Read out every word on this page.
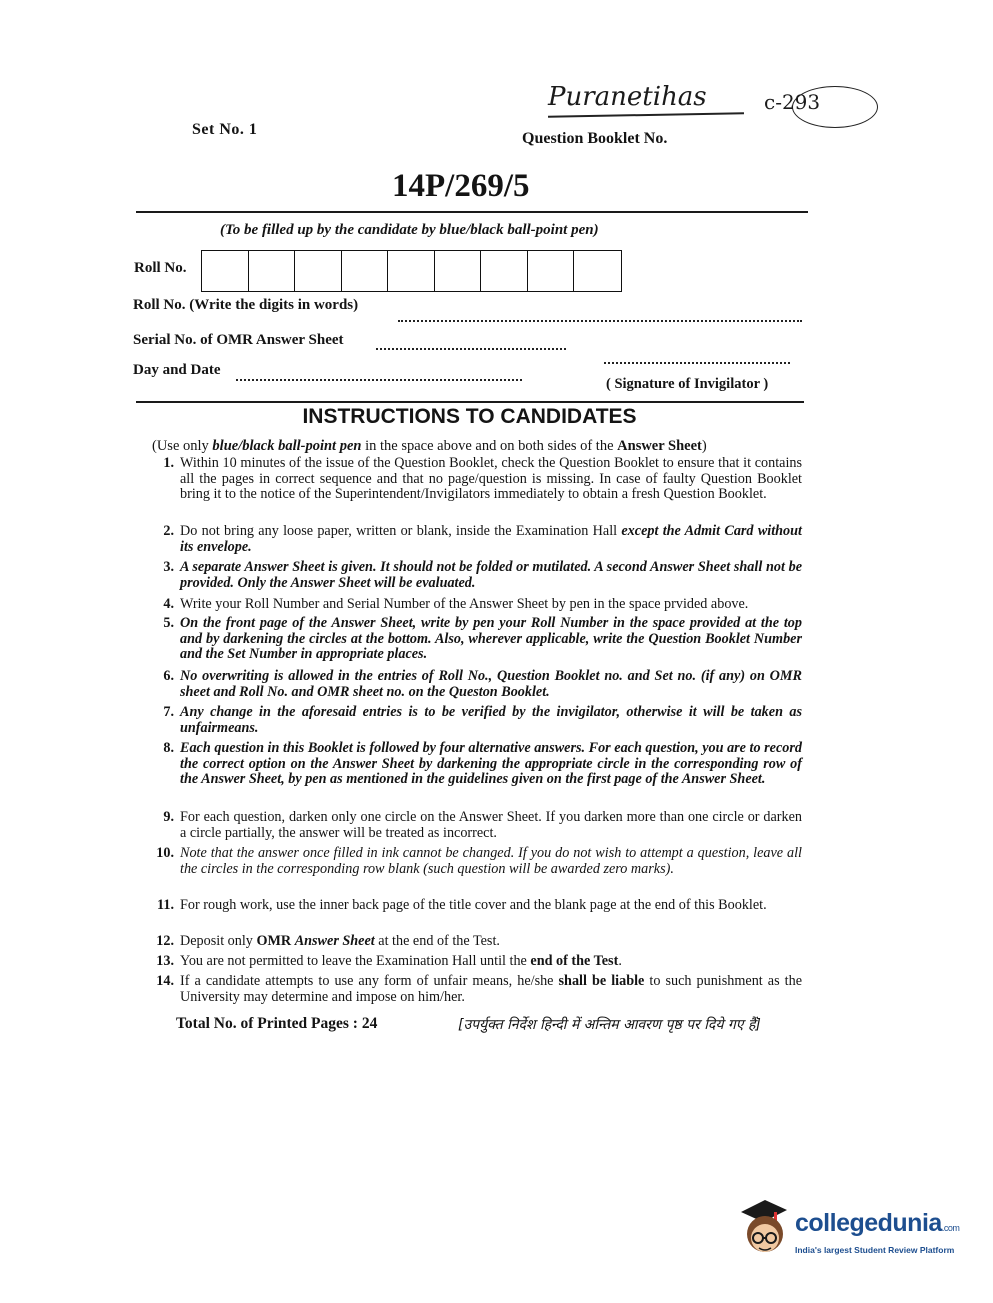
Puranetihas	c-293
Set No. 1
Question Booklet No.
14P/269/5
(To be filled up by the candidate by blue/black ball-point pen)
Roll No.
Roll No. (Write the digits in words)
Serial No. of OMR Answer Sheet
Day and Date
( Signature of Invigilator )
INSTRUCTIONS TO CANDIDATES
(Use only blue/black ball-point pen in the space above and on both sides of the Answer Sheet)
1. Within 10 minutes of the issue of the Question Booklet, check the Question Booklet to ensure that it contains all the pages in correct sequence and that no page/question is missing. In case of faulty Question Booklet bring it to the notice of the Superintendent/Invigilators immediately to obtain a fresh Question Booklet.
2. Do not bring any loose paper, written or blank, inside the Examination Hall except the Admit Card without its envelope.
3. A separate Answer Sheet is given. It should not be folded or mutilated. A second Answer Sheet shall not be provided. Only the Answer Sheet will be evaluated.
4. Write your Roll Number and Serial Number of the Answer Sheet by pen in the space prvided above.
5. On the front page of the Answer Sheet, write by pen your Roll Number in the space provided at the top and by darkening the circles at the bottom. Also, wherever applicable, write the Question Booklet Number and the Set Number in appropriate places.
6. No overwriting is allowed in the entries of Roll No., Question Booklet no. and Set no. (if any) on OMR sheet and Roll No. and OMR sheet no. on the Queston Booklet.
7. Any change in the aforesaid entries is to be verified by the invigilator, otherwise it will be taken as unfairmeans.
8. Each question in this Booklet is followed by four alternative answers. For each question, you are to record the correct option on the Answer Sheet by darkening the appropriate circle in the corresponding row of the Answer Sheet, by pen as mentioned in the guidelines given on the first page of the Answer Sheet.
9. For each question, darken only one circle on the Answer Sheet. If you darken more than one circle or darken a circle partially, the answer will be treated as incorrect.
10. Note that the answer once filled in ink cannot be changed. If you do not wish to attempt a question, leave all the circles in the corresponding row blank (such question will be awarded zero marks).
11. For rough work, use the inner back page of the title cover and the blank page at the end of this Booklet.
12. Deposit only OMR Answer Sheet at the end of the Test.
13. You are not permitted to leave the Examination Hall until the end of the Test.
14. If a candidate attempts to use any form of unfair means, he/she shall be liable to such punishment as the University may determine and impose on him/her.
Total No. of Printed Pages : 24	[उपर्युक्त निर्देश हिन्दी में अन्तिम आवरण पृष्ठ पर दिये गए हैं]
collegedunia.com
India's largest Student Review Platform
